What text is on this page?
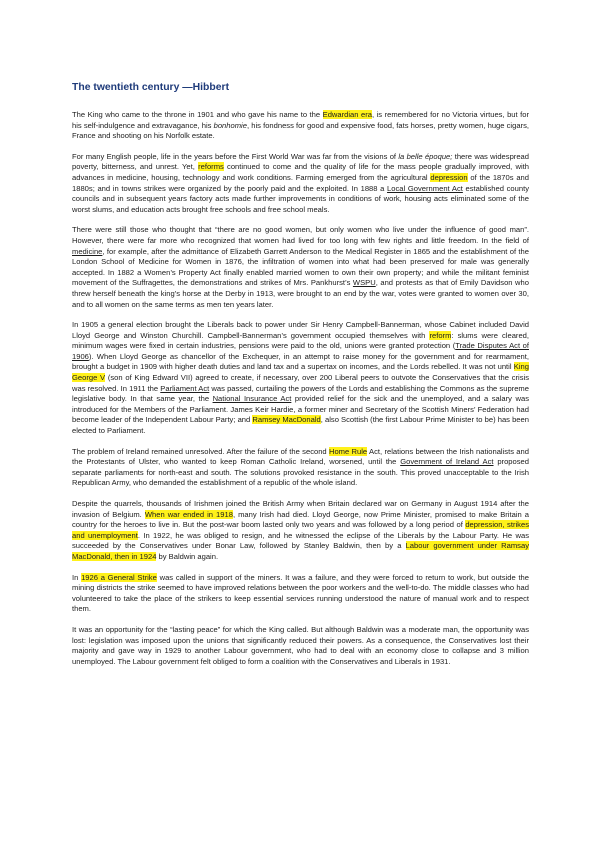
The twentieth century —Hibbert

The King who came to the throne in 1901 and who gave his name to the Edwardian era, is remembered for no Victoria virtues, but for his self-indulgence and extravagance, his bonhomie, his fondness for good and expensive food, fats horses, pretty women, huge cigars, France and shooting on his Norfolk estate.

For many English people, life in the years before the First World War was far from the visions of la belle époque; there was widespread poverty, bitterness, and unrest. Yet, reforms continued to come and the quality of life for the mass people gradually improved, with advances in medicine, housing, technology and work conditions. Farming emerged from the agricultural depression of the 1870s and 1880s; and in towns strikes were organized by the poorly paid and the exploited. In 1888 a Local Government Act established county councils and in subsequent years factory acts made further improvements in conditions of work, housing acts eliminated some of the worst slums, and education acts brought free schools and free school meals.

There were still those who thought that “there are no good women, but only women who live under the influence of good man”. However, there were far more who recognized that women had lived for too long with few rights and little freedom. In the field of medicine, for example, after the admittance of Elizabeth Garrett Anderson to the Medical Register in 1865 and the establishment of the London School of Medicine for Women in 1876, the infiltration of women into what had been preserved for male was generally accepted. In 1882 a Women’s Property Act finally enabled married women to own their own property; and while the militant feminist movement of the Suffragettes, the demonstrations and strikes of Mrs. Pankhurst’s WSPU, and protests as that of Emily Davidson who threw herself beneath the king’s horse at the Derby in 1913, were brought to an end by the war, votes were granted to women over 30, and to all women on the same terms as men ten years later.

In 1905 a general election brought the Liberals back to power under Sir Henry Campbell-Bannerman, whose Cabinet included David Lloyd George and Winston Churchill. Campbell-Bannerman’s government occupied themselves with reform: slums were cleared, minimum wages were fixed in certain industries, pensions were paid to the old, unions were granted protection (Trade Disputes Act of 1906). When Lloyd George as chancellor of the Exchequer, in an attempt to raise money for the government and for rearmament, brought a budget in 1909 with higher death duties and land tax and a supertax on incomes, and the Lords rebelled. It was not until King George V (son of King Edward VII) agreed to create, if necessary, over 200 Liberal peers to outvote the Conservatives that the crisis was resolved. In 1911 the Parliament Act was passed, curtailing the powers of the Lords and establishing the Commons as the supreme legislative body. In that same year, the National Insurance Act provided relief for the sick and the unemployed, and a salary was introduced for the Members of the Parliament. James Keir Hardie, a former miner and Secretary of the Scottish Miners’ Federation had become leader of the Independent Labour Party; and Ramsey MacDonald, also Scottish (the first Labour Prime Minister to be) has been elected to Parliament.

The problem of Ireland remained unresolved. After the failure of the second Home Rule Act, relations between the Irish nationalists and the Protestants of Ulster, who wanted to keep Roman Catholic Ireland, worsened, until the Government of Ireland Act proposed separate parliaments for north-east and south. The solutions provoked resistance in the south. This proved unacceptable to the Irish Republican Army, who demanded the establishment of a republic of the whole island.

Despite the quarrels, thousands of Irishmen joined the British Army when Britain declared war on Germany in August 1914 after the invasion of Belgium. When war ended in 1918, many Irish had died. Lloyd George, now Prime Minister, promised to make Britain a country for the heroes to live in. But the post-war boom lasted only two years and was followed by a long period of depression, strikes and unemployment. In 1922, he was obliged to resign, and he witnessed the eclipse of the Liberals by the Labour Party. He was succeeded by the Conservatives under Bonar Law, followed by Stanley Baldwin, then by a Labour government under Ramsay MacDonald, then in 1924 by Baldwin again.

In 1926 a General Strike was called in support of the miners. It was a failure, and they were forced to return to work, but outside the mining districts the strike seemed to have improved relations between the poor workers and the well-to-do. The middle classes who had volunteered to take the place of the strikers to keep essential services running understood the nature of manual work and to respect them.

It was an opportunity for the “lasting peace” for which the King called. But although Baldwin was a moderate man, the opportunity was lost: legislation was imposed upon the unions that significantly reduced their powers. As a consequence, the Conservatives lost their majority and gave way in 1929 to another Labour government, who had to deal with an economy close to collapse and 3 million unemployed. The Labour government felt obliged to form a coalition with the Conservatives and Liberals in 1931.
